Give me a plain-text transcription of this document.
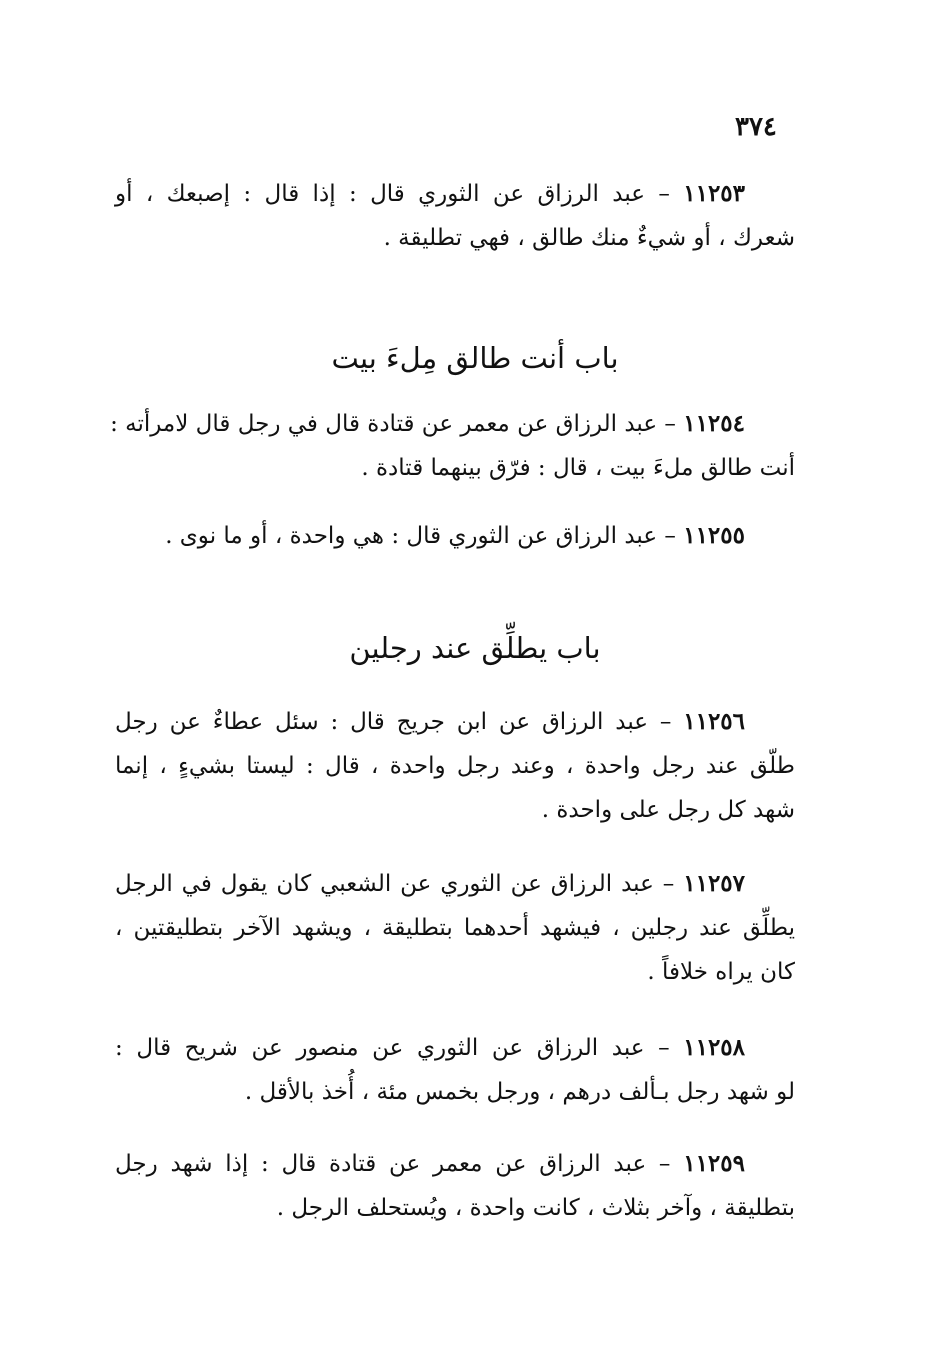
٣٧٤
١١٢٥٣ – عبد الرزاق عن الثوري قال : إذا قال : إصبعك ، أو
شعرك ، أو شيءٌ منك طالق ، فهي تطليقة .
باب أنت طالق مِلءَ بيت
١١٢٥٤ – عبد الرزاق عن معمر عن قتادة قال في رجل قال لامرأته :
أنت طالق ملءَ بيت ، قال : فرّق بينهما قتادة .
١١٢٥٥ – عبد الرزاق عن الثوري قال : هي واحدة ، أو ما نوى .
باب يطلِّق عند رجلين
١١٢٥٦ – عبد الرزاق عن ابن جريج قال : سئل عطاءٌ عن رجل
طلّق عند رجل واحدة ، وعند رجل واحدة ، قال : ليستا بشيءٍ ، إنما
شهد كل رجل على واحدة .
١١٢٥٧ – عبد الرزاق عن الثوري عن الشعبي كان يقول في الرجل
يطلِّق عند رجلين ، فيشهد أحدهما بتطليقة ، ويشهد الآخر بتطليقتين ،
كان يراه خلافاً .
١١٢٥٨ – عبد الرزاق عن الثوري عن منصور عن شريح قال :
لو شهد رجل بـألف درهم ، ورجل بخمس مئة ، أُخذ بالأقل .
١١٢٥٩ – عبد الرزاق عن معمر عن قتادة قال : إذا شهد رجل
بتطليقة ، وآخر بثلاث ، كانت واحدة ، ويُستحلف الرجل .
